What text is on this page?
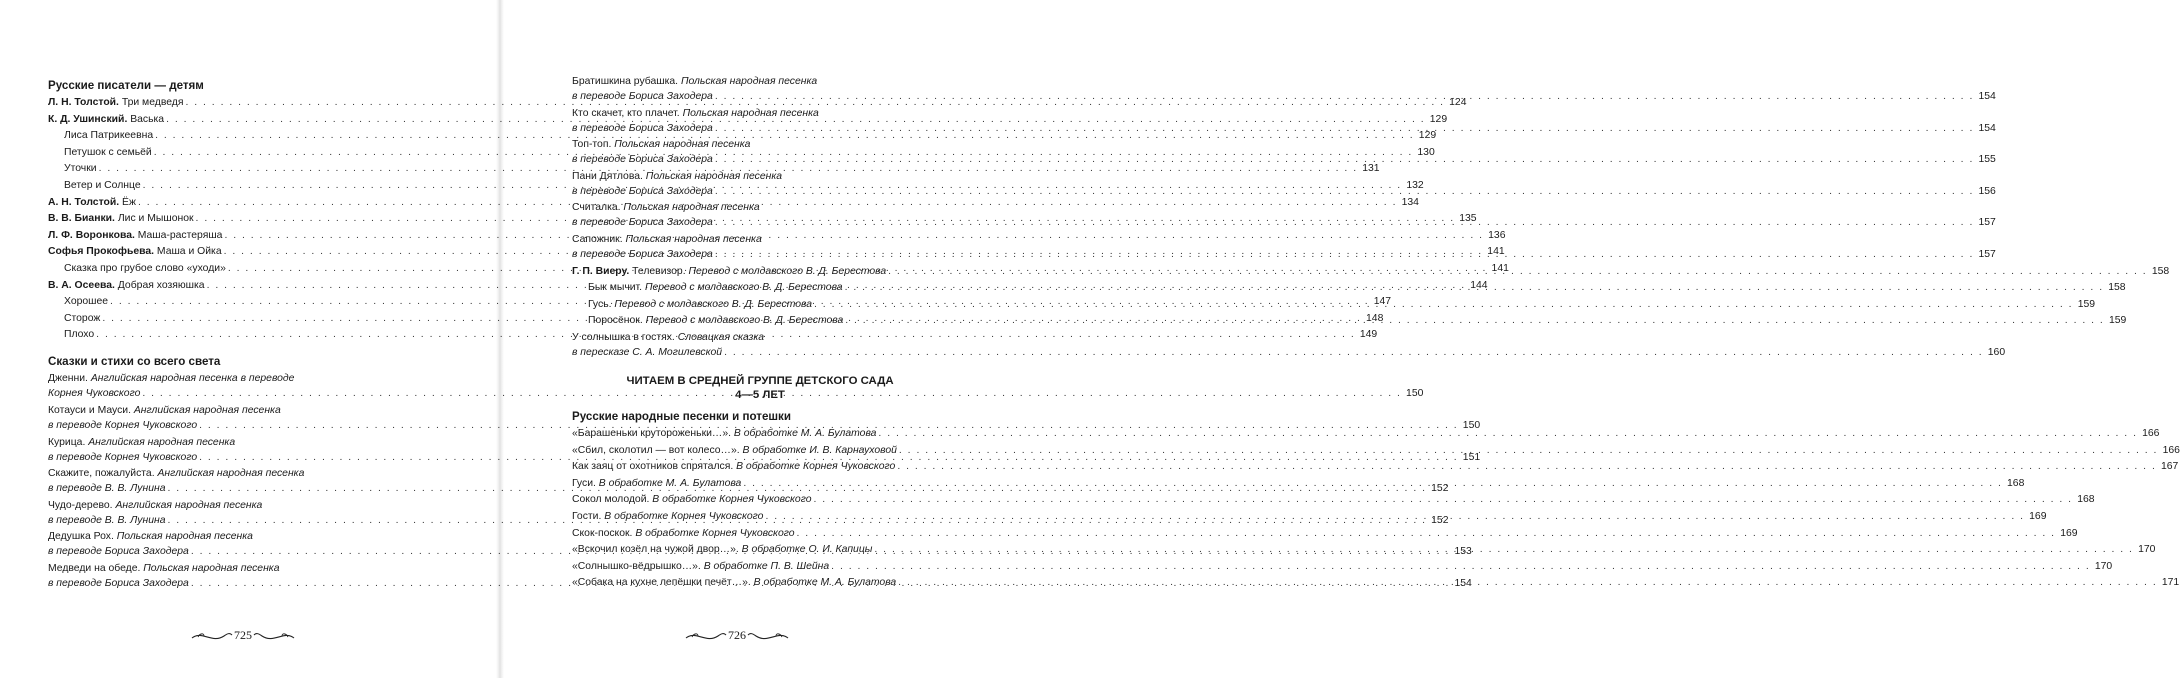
Русские писатели — детям
Л. Н. Толстой. Три медведя . . .	124
К. Д. Ушинский. Васька . . .	129
Лиса Патрикеевна . . .	129
Петушок с семьёй . . .	130
Уточки . . .	131
Ветер и Солнце . . .	132
А. Н. Толстой. Ёж . . .	134
В. В. Бианки. Лис и Мышонок . . .	135
Л. Ф. Воронкова. Маша-растеряша . . .	136
Софья Прокофьева. Маша и Ойка . . .	141
Сказка про грубое слово «уходи» . . .	141
В. А. Осеева. Добрая хозяюшка . . .	144
Хорошее . . .	147
Сторож . . .	148
Плохо . . .	149
Сказки и стихи со всего света
Дженни. Английская народная песенка в переводе
Корнея Чуковского . . .	150
Котауси и Мауси. Английская народная песенка
в переводе Корнея Чуковского . . .	150
Курица. Английская народная песенка
в переводе Корнея Чуковского . . .	151
Скажите, пожалуйста. Английская народная песенка
в переводе В. В. Лунина . . .	152
Чудо-дерево. Английская народная песенка
в переводе В. В. Лунина . . .	152
Дедушка Рох. Польская народная песенка
в переводе Бориса Заходера . . .	153
Медведи на обеде. Польская народная песенка
в переводе Бориса Заходера . . .	154
725
Братишкина рубашка. Польская народная песенка
в переводе Бориса Заходера . . .	154
Кто скачет, кто плачет. Польская народная песенка
в переводе Бориса Заходера . . .	154
Топ-топ. Польская народная песенка
в переводе Бориса Заходера . . .	155
Пани Дятлова. Польская народная песенка
в переводе Бориса Заходера . . .	156
Считалка. Польская народная песенка
в переводе Бориса Заходера . . .	157
Сапожник. Польская народная песенка
в переводе Бориса Заходера . . .	157
Г. П. Виеру. Телевизор. Перевод с молдавского В. Д. Берестова . . .	158
Бык мычит. Перевод с молдавского В. Д. Берестова . . .	158
Гусь. Перевод с молдавского В. Д. Берестова . . .	159
Поросёнок. Перевод с молдавского В. Д. Берестова . . .	159
У солнышка в гостях. Словацкая сказка
в пересказе С. А. Могилевской . . .	160
ЧИТАЕМ В СРЕДНЕЙ ГРУППЕ ДЕТСКОГО САДА
4—5 ЛЕТ
Русские народные песенки и потешки
«Барашеньки крутороженьки…». В обработке М. А. Булатова . . .	166
«Сбил, сколотил — вот колесо…». В обработке И. В. Карнауховой . . .	166
Как заяц от охотников спрятался. В обработке Корнея Чуковского . . .	167
Гуси. В обработке М. А. Булатова . . .	168
Сокол молодой. В обработке Корнея Чуковского . . .	168
Гости. В обработке Корнея Чуковского . . .	169
Скок-поскок. В обработке Корнея Чуковского . . .	169
«Вскочил козёл на чужой двор…». В обработке О. И. Капицы . . .	170
«Солнышко-вёдрышко…». В обработке П. В. Шейна . . .	170
«Собака на кухне лепёшки печёт…». В обработке М. А. Булатова . . .	171
726
